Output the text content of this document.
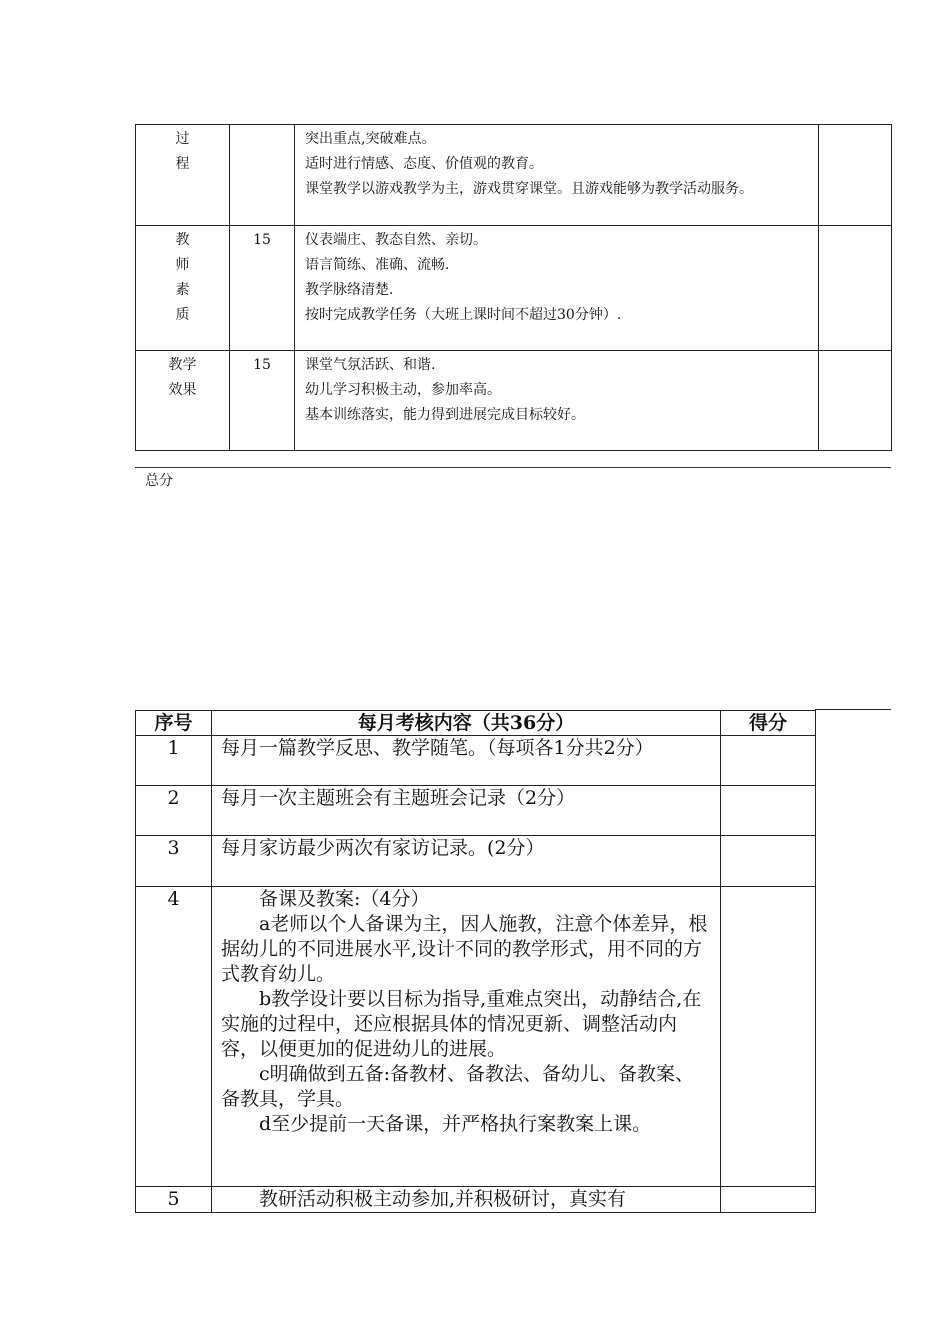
过
程		突出重点,突破难点。
适时进行情感、态度、价值观的教育。
课堂教学以游戏教学为主，游戏贯穿课堂。且游戏能够为教学活动服务。	

教
师
素
质	15	仪表端庄、教态自然、亲切。
语言简练、准确、流畅.
教学脉络清楚.
按时完成教学任务（大班上课时间不超过30分钟）.	

教学
效果	15	课堂气氛活跃、和谐.
幼儿学习积极主动，参加率高。
基本训练落实，能力得到进展完成目标较好。	

总分
序号	每月考核内容（共36分）	得分
1	每月一篇教学反思、教学随笔。（每项各1分共2分）	

2	每月一次主题班会有主题班会记录（2分）	

3	每月家访最少两次有家访记录。(2分）	

4	备课及教案:（4分）
a老师以个人备课为主，因人施教，注意个体差异，根据幼儿的不同进展水平,设计不同的教学形式，用不同的方式教育幼儿。
b教学设计要以目标为指导,重难点突出，动静结合,在实施的过程中，还应根据具体的情况更新、调整活动内容，以便更加的促进幼儿的进展。
c明确做到五备:备教材、备教法、备幼儿、备教案、备教具，学具。
d至少提前一天备课，并严格执行案教案上课。	

5	教研活动积极主动参加,并积极研讨，真实有	
